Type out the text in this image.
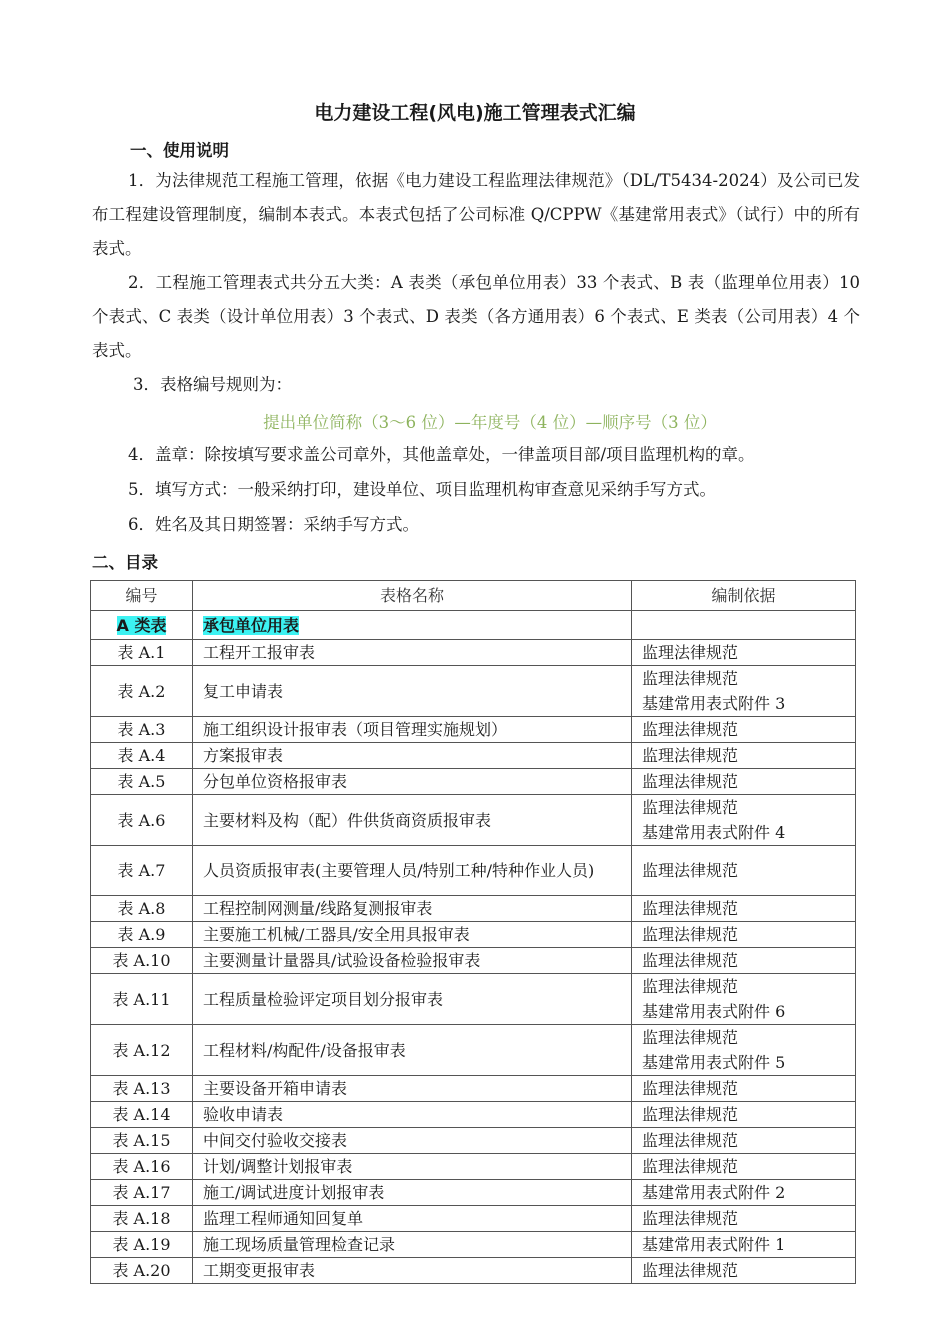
电力建设工程(风电)施工管理表式汇编
一、使用说明
1．为法律规范工程施工管理，依据《电力建设工程监理法律规范》（DL/T5434-2024）及公司已发布工程建设管理制度，编制本表式。本表式包括了公司标准 Q/CPPW《基建常用表式》（试行）中的所有表式。
2．工程施工管理表式共分五大类：A 表类（承包单位用表）33 个表式、B 表（监理单位用表）10 个表式、C 表类（设计单位用表）3 个表式、D 表类（各方通用表）6 个表式、E 类表（公司用表）4 个表式。
3．表格编号规则为：
提出单位简称（3～6 位）—年度号（4 位）—顺序号（3 位）
4．盖章：除按填写要求盖公司章外，其他盖章处，一律盖项目部/项目监理机构的章。
5．填写方式：一般采纳打印，建设单位、项目监理机构审查意见采纳手写方式。
6．姓名及其日期签署：采纳手写方式。
二、目录
编号	表格名称	编制依据
A 类表	承包单位用表	
表 A.1	工程开工报审表	监理法律规范

表 A.2	复工申请表	监理法律规范
基建常用表式附件 3

表 A.3	施工组织设计报审表（项目管理实施规划）	监理法律规范

表 A.4	方案报审表	监理法律规范

表 A.5	分包单位资格报审表	监理法律规范

表 A.6	主要材料及构（配）件供货商资质报审表	监理法律规范
基建常用表式附件 4

表 A.7	人员资质报审表(主要管理人员/特别工种/特种作业人员)	监理法律规范

表 A.8	工程控制网测量/线路复测报审表	监理法律规范

表 A.9	主要施工机械/工器具/安全用具报审表	监理法律规范

表 A.10	主要测量计量器具/试验设备检验报审表	监理法律规范

表 A.11	工程质量检验评定项目划分报审表	监理法律规范
基建常用表式附件 6

表 A.12	工程材料/构配件/设备报审表	监理法律规范
基建常用表式附件 5

表 A.13	主要设备开箱申请表	监理法律规范

表 A.14	验收申请表	监理法律规范

表 A.15	中间交付验收交接表	监理法律规范

表 A.16	计划/调整计划报审表	监理法律规范

表 A.17	施工/调试进度计划报审表	基建常用表式附件 2

表 A.18	监理工程师通知回复单	监理法律规范

表 A.19	施工现场质量管理检查记录	基建常用表式附件 1

表 A.20	工期变更报审表	监理法律规范
